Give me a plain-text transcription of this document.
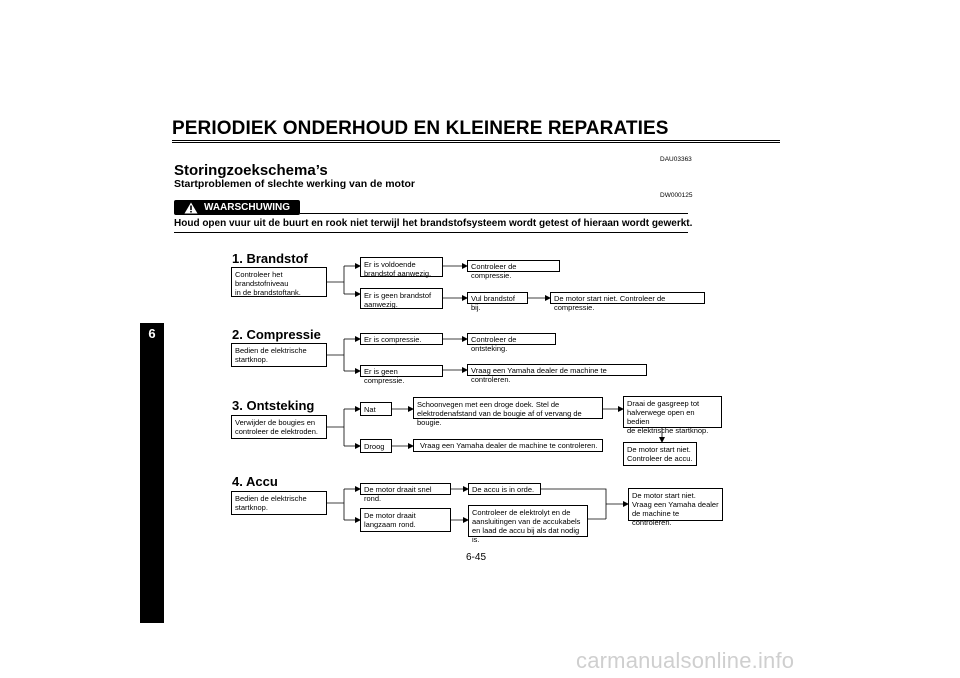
PERIODIEK ONDERHOUD EN KLEINERE REPARATIES
DAU03363
Storingzoekschema’s
Startproblemen of slechte werking van de motor
DW000125
WAARSCHUWING
Houd open vuur uit de buurt en rook niet terwijl het brandstofsysteem wordt getest of hieraan wordt gewerkt.
6
1. Brandstof
Controleer het
brandstofniveau
in de brandstoftank.
Er is voldoende
brandstof aanwezig.
Er is geen brandstof
aanwezig.
Controleer de compressie.
Vul brandstof bij.
De motor start niet. Controleer de compressie.
2. Compressie
Bedien de elektrische
startknop.
Er is compressie.
Er is geen compressie.
Controleer de ontsteking.
Vraag een Yamaha dealer de machine te controleren.
3. Ontsteking
Verwijder de bougies en
controleer de elektroden.
Nat
Droog
Schoonvegen met een droge doek. Stel de
elektrodenafstand van de bougie af of vervang de bougie.
Vraag een Yamaha dealer de machine te controleren.
Draai de gasgreep tot
halverwege open en bedien
de elektrische startknop.
De motor start niet.
Controleer de accu.
4. Accu
Bedien de elektrische
startknop.
De motor draait snel rond.
De motor draait
langzaam rond.
De accu is in orde.
Controleer de elektrolyt en de
aansluitingen van de accukabels
en laad de accu bij als dat nodig is.
De motor start niet.
Vraag een Yamaha dealer
de machine te controleren.
6-45
carmanualsonline.info
